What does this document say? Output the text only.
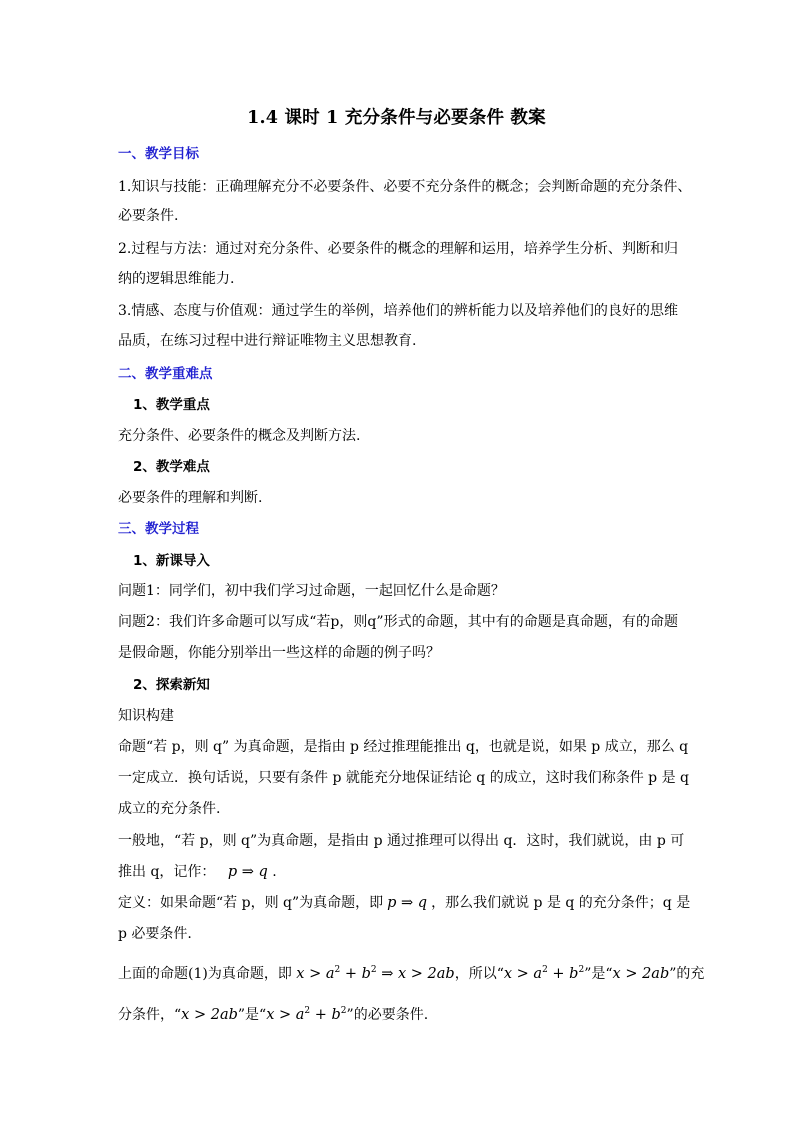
1.4 课时 1 充分条件与必要条件 教案
一、教学目标
1.知识与技能：正确理解充分不必要条件、必要不充分条件的概念；会判断命题的充分条件、
必要条件.
2.过程与方法：通过对充分条件、必要条件的概念的理解和运用，培养学生分析、判断和归
纳的逻辑思维能力.
3.情感、态度与价值观：通过学生的举例，培养他们的辨析能力以及培养他们的良好的思维
品质，在练习过程中进行辩证唯物主义思想教育.
二、教学重难点
1、教学重点
充分条件、必要条件的概念及判断方法.
2、教学难点
必要条件的理解和判断.
三、教学过程
1、新课导入
问题1：同学们，初中我们学习过命题，一起回忆什么是命题？
问题2：我们许多命题可以写成“若p，则q”形式的命题，其中有的命题是真命题，有的命题
是假命题，你能分别举出一些这样的命题的例子吗？
2、探索新知
知识构建
命题“若 p，则 q” 为真命题，是指由 p 经过推理能推出 q，也就是说，如果 p 成立，那么 q
一定成立．换句话说，只要有条件 p 就能充分地保证结论 q 的成立，这时我们称条件 p 是 q
成立的充分条件.
一般地，“若 p，则 q”为真命题，是指由 p 通过推理可以得出 q．这时，我们就说，由 p 可
推出 q，记作： p ⇒ q .
定义：如果命题“若 p，则 q”为真命题，即 p ⇒ q ，那么我们就说 p 是 q 的充分条件；q 是
p 必要条件.
上面的命题(1)为真命题，即 $x > a^2 + b^2$ ⇒ x > 2ab，所以“$x > a^2 + b^2$”是“x > 2ab”的充
分条件，“x > 2ab”是“$x > a^2 + b^2$”的必要条件.
